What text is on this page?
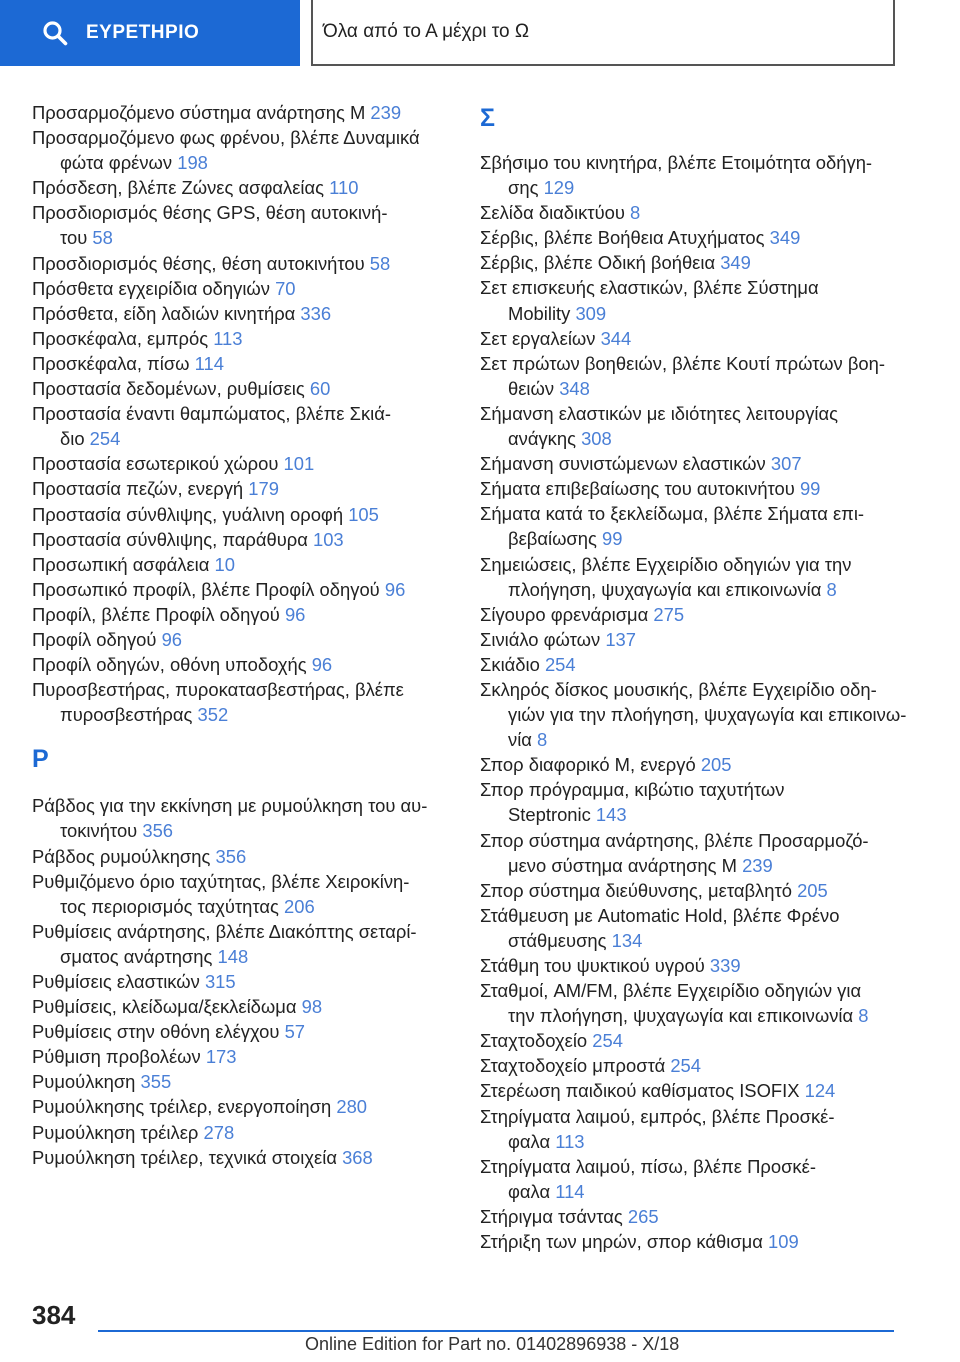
ΕΥΡΕΤΗΡΙΟ	Όλα από το Α μέχρι το Ω
Προσαρμοζόμενο σύστημα ανάρτησης M 239
Προσαρμοζόμενο φως φρένου, βλέπε Δυναμικά
φώτα φρένων 198
Πρόσδεση, βλέπε Ζώνες ασφαλείας 110
Προσδιορισμός θέσης GPS, θέση αυτοκινή‐
του 58
Προσδιορισμός θέσης, θέση αυτοκινήτου 58
Πρόσθετα εγχειρίδια οδηγιών 70
Πρόσθετα, είδη λαδιών κινητήρα 336
Προσκέφαλα, εμπρός 113
Προσκέφαλα, πίσω 114
Προστασία δεδομένων, ρυθμίσεις 60
Προστασία έναντι θαμπώματος, βλέπε Σκιά‐
διο 254
Προστασία εσωτερικού χώρου 101
Προστασία πεζών, ενεργή 179
Προστασία σύνθλιψης, γυάλινη οροφή 105
Προστασία σύνθλιψης, παράθυρα 103
Προσωπική ασφάλεια 10
Προσωπικό προφίλ, βλέπε Προφίλ οδηγού 96
Προφίλ, βλέπε Προφίλ οδηγού 96
Προφίλ οδηγού 96
Προφίλ οδηγών, οθόνη υποδοχής 96
Πυροσβεστήρας, πυροκατασβεστήρας, βλέπε
πυροσβεστήρας 352
Ρ
Ράβδος για την εκκίνηση με ρυμούλκηση του αυ‐
τοκινήτου 356
Ράβδος ρυμούλκησης 356
Ρυθμιζόμενο όριο ταχύτητας, βλέπε Χειροκίνη‐
τος περιορισμός ταχύτητας 206
Ρυθμίσεις ανάρτησης, βλέπε Διακόπτης σεταρί‐
σματος ανάρτησης 148
Ρυθμίσεις ελαστικών 315
Ρυθμίσεις, κλείδωμα/ξεκλείδωμα 98
Ρυθμίσεις στην οθόνη ελέγχου 57
Ρύθμιση προβολέων 173
Ρυμούλκηση 355
Ρυμούλκησης τρέιλερ, ενεργοποίηση 280
Ρυμούλκηση τρέιλερ 278
Ρυμούλκηση τρέιλερ, τεχνικά στοιχεία 368
Σ
Σβήσιμο του κινητήρα, βλέπε Ετοιμότητα οδήγη‐
σης 129
Σελίδα διαδικτύου 8
Σέρβις, βλέπε Βοήθεια Ατυχήματος 349
Σέρβις, βλέπε Οδική βοήθεια 349
Σετ επισκευής ελαστικών, βλέπε Σύστημα
Mobility 309
Σετ εργαλείων 344
Σετ πρώτων βοηθειών, βλέπε Κουτί πρώτων βοη‐
θειών 348
Σήμανση ελαστικών με ιδιότητες λειτουργίας
ανάγκης 308
Σήμανση συνιστώμενων ελαστικών 307
Σήματα επιβεβαίωσης του αυτοκινήτου 99
Σήματα κατά το ξεκλείδωμα, βλέπε Σήματα επι‐
βεβαίωσης 99
Σημειώσεις, βλέπε Εγχειρίδιο οδηγιών για την
πλοήγηση, ψυχαγωγία και επικοινωνία 8
Σίγουρο φρενάρισμα 275
Σινιάλο φώτων 137
Σκιάδιο 254
Σκληρός δίσκος μουσικής, βλέπε Εγχειρίδιο οδη‐
γιών για την πλοήγηση, ψυχαγωγία και επικοινω‐
νία 8
Σπορ διαφορικό M, ενεργό 205
Σπορ πρόγραμμα, κιβώτιο ταχυτήτων
Steptronic 143
Σπορ σύστημα ανάρτησης, βλέπε Προσαρμοζό‐
μενο σύστημα ανάρτησης M 239
Σπορ σύστημα διεύθυνσης, μεταβλητό 205
Στάθμευση με Automatic Hold, βλέπε Φρένο
στάθμευσης 134
Στάθμη του ψυκτικού υγρού 339
Σταθμοί, AM/FM, βλέπε Εγχειρίδιο οδηγιών για
την πλοήγηση, ψυχαγωγία και επικοινωνία 8
Σταχτοδοχείο 254
Σταχτοδοχείο μπροστά 254
Στερέωση παιδικού καθίσματος ISOFIX 124
Στηρίγματα λαιμού, εμπρός, βλέπε Προσκέ‐
φαλα 113
Στηρίγματα λαιμού, πίσω, βλέπε Προσκέ‐
φαλα 114
Στήριγμα τσάντας 265
Στήριξη των μηρών, σπορ κάθισμα 109
384
Online Edition for Part no. 01402896938 - X/18
